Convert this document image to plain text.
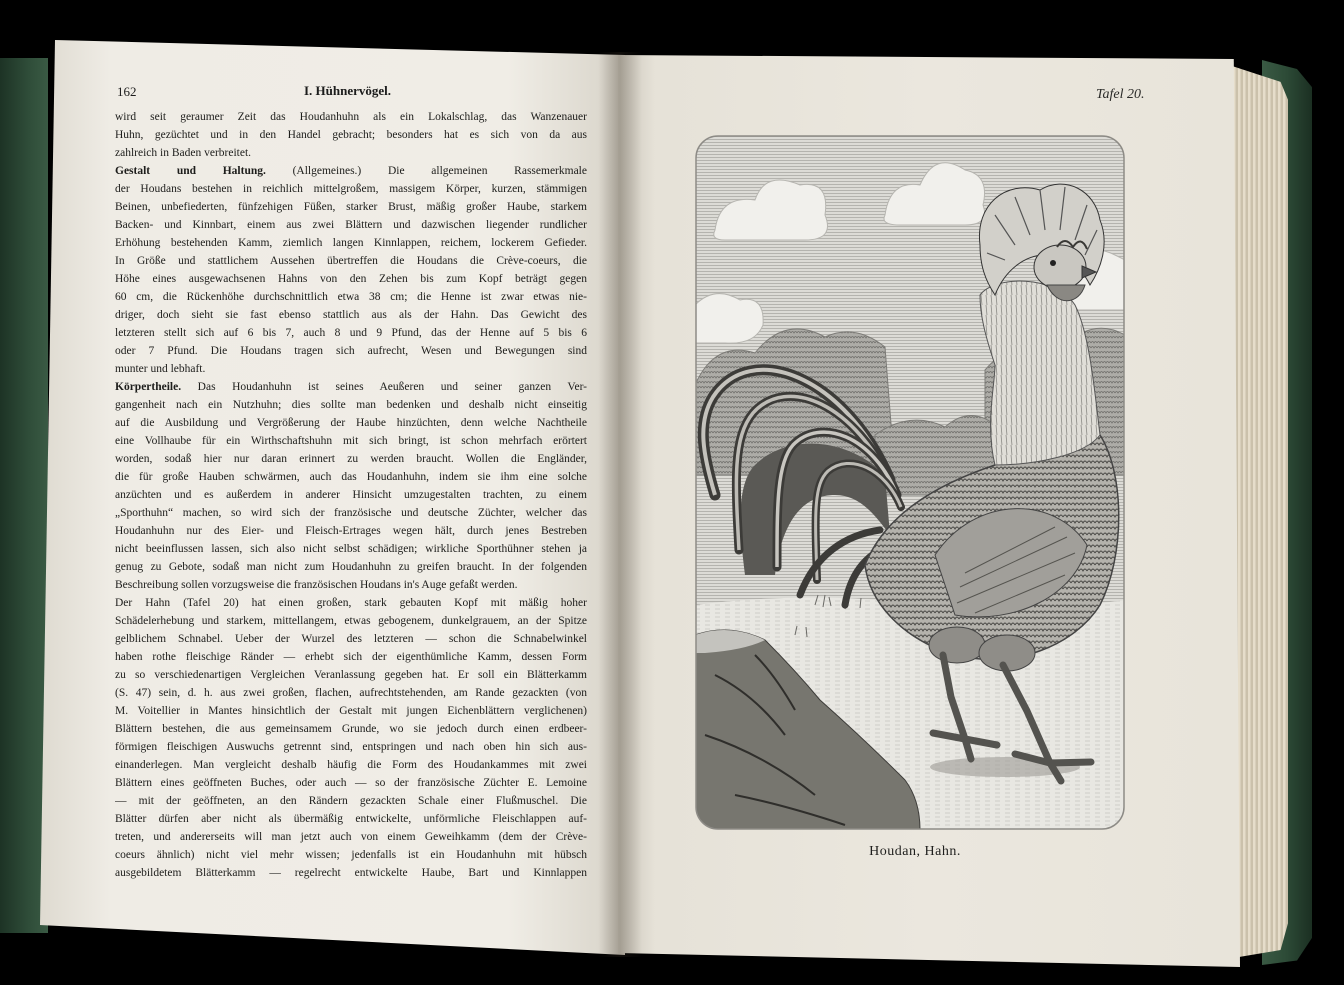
162	I. Hühnervögel.
wird seit geraumer Zeit das Houdanhuhn als ein Lokalschlag, das Wanzenauer
Huhn, gezüchtet und in den Handel gebracht; besonders hat es sich von da aus
zahlreich in Baden verbreitet.
Gestalt und Haltung. (Allgemeines.) Die allgemeinen Rassemerkmale
der Houdans bestehen in reichlich mittelgroßem, massigem Körper, kurzen, stämmigen
Beinen, unbefiederten, fünfzehigen Füßen, starker Brust, mäßig großer Haube, starkem
Backen- und Kinnbart, einem aus zwei Blättern und dazwischen liegender rundlicher
Erhöhung bestehenden Kamm, ziemlich langen Kinnlappen, reichem, lockerem Gefieder.
In Größe und stattlichem Aussehen übertreffen die Houdans die Crève-coeurs, die
Höhe eines ausgewachsenen Hahns von den Zehen bis zum Kopf beträgt gegen
60 cm, die Rückenhöhe durchschnittlich etwa 38 cm; die Henne ist zwar etwas nie-
driger, doch sieht sie fast ebenso stattlich aus als der Hahn. Das Gewicht des
letzteren stellt sich auf 6 bis 7, auch 8 und 9 Pfund, das der Henne auf 5 bis 6
oder 7 Pfund. Die Houdans tragen sich aufrecht, Wesen und Bewegungen sind
munter und lebhaft.
Körpertheile. Das Houdanhuhn ist seines Aeußeren und seiner ganzen Ver-
gangenheit nach ein Nutzhuhn; dies sollte man bedenken und deshalb nicht einseitig
auf die Ausbildung und Vergrößerung der Haube hinzüchten, denn welche Nachtheile
eine Vollhaube für ein Wirthschaftshuhn mit sich bringt, ist schon mehrfach erörtert
worden, sodaß hier nur daran erinnert zu werden braucht. Wollen die Engländer,
die für große Hauben schwärmen, auch das Houdanhuhn, indem sie ihm eine solche
anzüchten und es außerdem in anderer Hinsicht umzugestalten trachten, zu einem
„Sporthuhn“ machen, so wird sich der französische und deutsche Züchter, welcher das
Houdanhuhn nur des Eier- und Fleisch-Ertrages wegen hält, durch jenes Bestreben
nicht beeinflussen lassen, sich also nicht selbst schädigen; wirkliche Sporthühner stehen ja
genug zu Gebote, sodaß man nicht zum Houdanhuhn zu greifen braucht. In der folgenden
Beschreibung sollen vorzugsweise die französischen Houdans in's Auge gefaßt werden.
Der Hahn (Tafel 20) hat einen großen, stark gebauten Kopf mit mäßig hoher
Schädelerhebung und starkem, mittellangem, etwas gebogenem, dunkelgrauem, an der Spitze
gelblichem Schnabel. Ueber der Wurzel des letzteren — schon die Schnabelwinkel
haben rothe fleischige Ränder — erhebt sich der eigenthümliche Kamm, dessen Form
zu so verschiedenartigen Vergleichen Veranlassung gegeben hat. Er soll ein Blätterkamm
(S. 47) sein, d. h. aus zwei großen, flachen, aufrechtstehenden, am Rande gezackten (von
M. Voitellier in Mantes hinsichtlich der Gestalt mit jungen Eichenblättern verglichenen)
Blättern bestehen, die aus gemeinsamem Grunde, wo sie jedoch durch einen erdbeer-
förmigen fleischigen Auswuchs getrennt sind, entspringen und nach oben hin sich aus-
einanderlegen. Man vergleicht deshalb häufig die Form des Houdankammes mit zwei
Blättern eines geöffneten Buches, oder auch — so der französische Züchter E. Lemoine
— mit der geöffneten, an den Rändern gezackten Schale einer Flußmuschel. Die
Blätter dürfen aber nicht als übermäßig entwickelte, unförmliche Fleischlappen auf-
treten, und andererseits will man jetzt auch von einem Geweihkamm (dem der Crève-
coeurs ähnlich) nicht viel mehr wissen; jedenfalls ist ein Houdanhuhn mit hübsch
ausgebildetem Blätterkamm — regelrecht entwickelte Haube, Bart und Kinnlappen
Tafel 20.
Houdan, Hahn.
